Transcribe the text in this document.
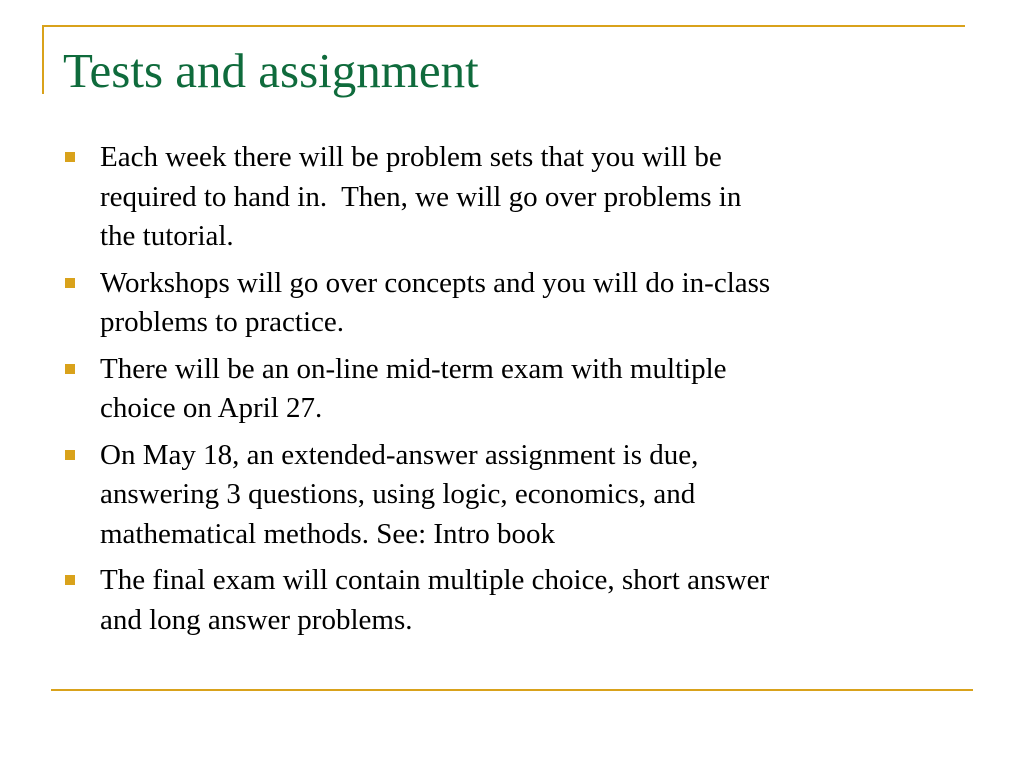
Tests and assignment
Each week there will be problem sets that you will be
required to hand in.  Then, we will go over problems in
the tutorial.
Workshops will go over concepts and you will do in-class
problems to practice.
There will be an on-line mid-term exam with multiple
choice on April 27.
On May 18, an extended-answer assignment is due,
answering 3 questions, using logic, economics, and
mathematical methods. See: Intro book
The final exam will contain multiple choice, short answer
and long answer problems.
